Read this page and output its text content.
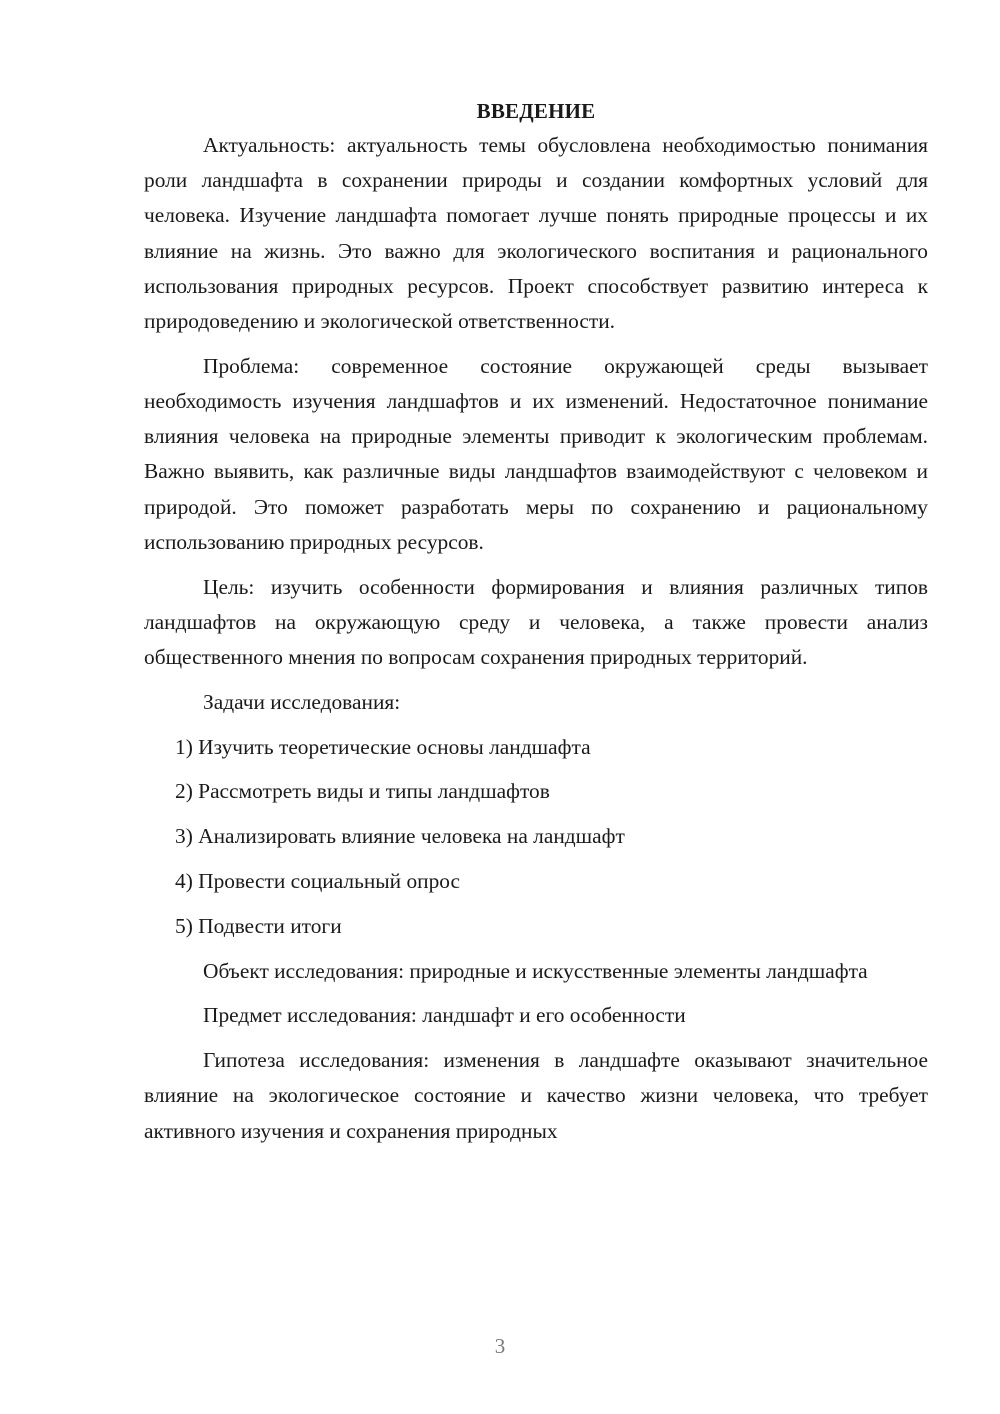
ВВЕДЕНИЕ

Актуальность: актуальность темы обусловлена необходимостью понимания роли ландшафта в сохранении природы и создании комфортных условий для человека. Изучение ландшафта помогает лучше понять природные процессы и их влияние на жизнь. Это важно для экологического воспитания и рационального использования природных ресурсов. Проект способствует развитию интереса к природоведению и экологической ответственности.

Проблема: современное состояние окружающей среды вызывает необходимость изучения ландшафтов и их изменений. Недостаточное понимание влияния человека на природные элементы приводит к экологическим проблемам. Важно выявить, как различные виды ландшафтов взаимодействуют с человеком и природой. Это поможет разработать меры по сохранению и рациональному использованию природных ресурсов.

Цель: изучить особенности формирования и влияния различных типов ландшафтов на окружающую среду и человека, а также провести анализ общественного мнения по вопросам сохранения природных территорий.

Задачи исследования:

1) Изучить теоретические основы ландшафта
2) Рассмотреть виды и типы ландшафтов
3) Анализировать влияние человека на ландшафт
4) Провести социальный опрос
5) Подвести итоги

Объект исследования: природные и искусственные элементы ландшафта

Предмет исследования: ландшафт и его особенности

Гипотеза исследования: изменения в ландшафте оказывают значительное влияние на экологическое состояние и качество жизни человека, что требует активного изучения и сохранения природных

3
